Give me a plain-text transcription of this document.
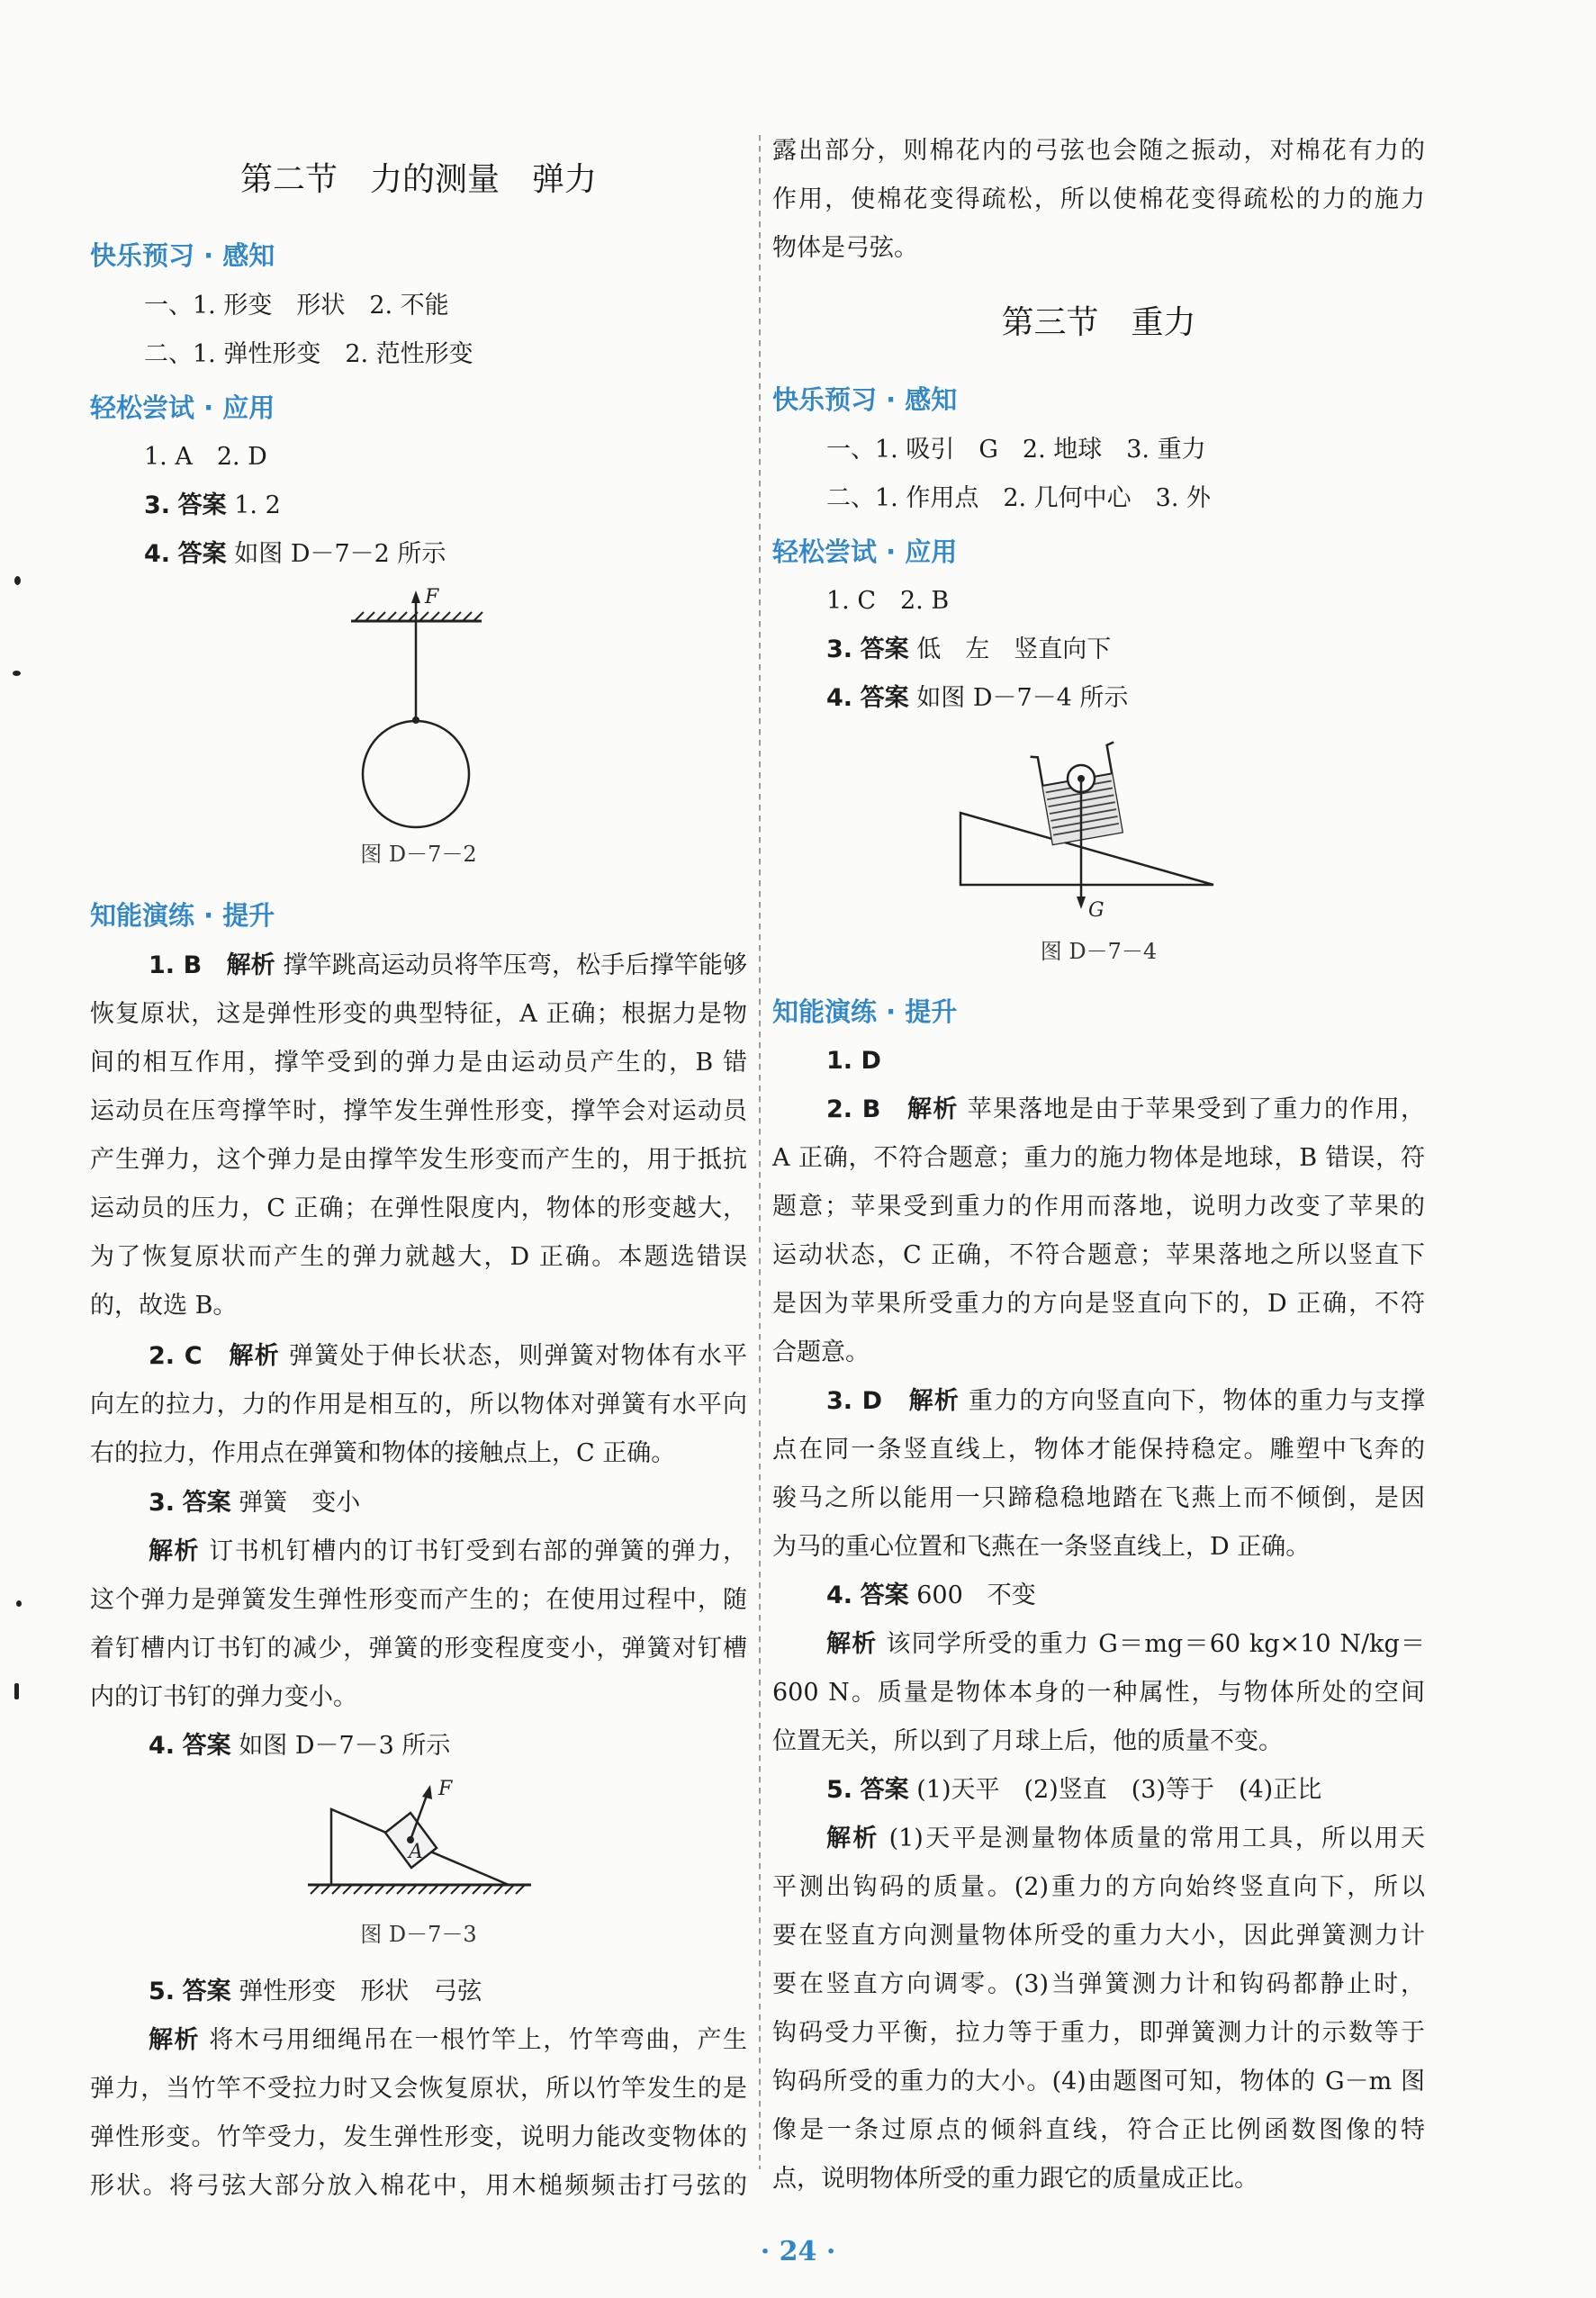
第二节　力的测量　弹力
快乐预习 · 感知
一、1. 形变　形状　2. 不能
二、1. 弹性形变　2. 范性形变
轻松尝试 · 应用
1. A　2. D
3. 答案 1. 2
4. 答案 如图 D－7－2 所示
F
图 D－7－2
知能演练 · 提升
1. B　 解析 撑竿跳高运动员将竿压弯，松手后撑竿能够
恢复原状，这是弹性形变的典型特征，A 正确；根据力是物
间的相互作用，撑竿受到的弹力是由运动员产生的，B 错
运动员在压弯撑竿时，撑竿发生弹性形变，撑竿会对运动员
产生弹力，这个弹力是由撑竿发生形变而产生的，用于抵抗
运动员的压力，C 正确；在弹性限度内，物体的形变越大，
为了恢复原状而产生的弹力就越大，D 正确。本题选错误
的，故选 B。
2. C　 解析 弹簧处于伸长状态，则弹簧对物体有水平
向左的拉力，力的作用是相互的，所以物体对弹簧有水平向
右的拉力，作用点在弹簧和物体的接触点上，C 正确。
3. 答案 弹簧　变小
解析 订书机钉槽内的订书钉受到右部的弹簧的弹力，
这个弹力是弹簧发生弹性形变而产生的；在使用过程中，随
着钉槽内订书钉的减少，弹簧的形变程度变小，弹簧对钉槽
内的订书钉的弹力变小。
4. 答案 如图 D－7－3 所示
F
A
图 D－7－3
5. 答案 弹性形变　形状　弓弦
解析 将木弓用细绳吊在一根竹竿上，竹竿弯曲，产生
弹力，当竹竿不受拉力时又会恢复原状，所以竹竿发生的是
弹性形变。竹竿受力，发生弹性形变，说明力能改变物体的
形状。将弓弦大部分放入棉花中，用木槌频频击打弓弦的
露出部分，则棉花内的弓弦也会随之振动，对棉花有力的
作用，使棉花变得疏松，所以使棉花变得疏松的力的施力
物体是弓弦。
第三节　重力
快乐预习 · 感知
一、1. 吸引　G　2. 地球　3. 重力
二、1. 作用点　2. 几何中心　3. 外
轻松尝试 · 应用
1. C　2. B
3. 答案 低　左　竖直向下
4. 答案 如图 D－7－4 所示
G
图 D－7－4
知能演练 · 提升
1. D
2. B　 解析 苹果落地是由于苹果受到了重力的作用，
A 正确，不符合题意；重力的施力物体是地球，B 错误，符
题意；苹果受到重力的作用而落地，说明力改变了苹果的
运动状态，C 正确，不符合题意；苹果落地之所以竖直下
是因为苹果所受重力的方向是竖直向下的，D 正确，不符
合题意。
3. D　 解析 重力的方向竖直向下，物体的重力与支撑
点在同一条竖直线上，物体才能保持稳定。雕塑中飞奔的
骏马之所以能用一只蹄稳稳地踏在飞燕上而不倾倒，是因
为马的重心位置和飞燕在一条竖直线上，D 正确。
4. 答案 600　不变
解析 该同学所受的重力 G＝mg＝60 kg×10 N/kg＝
600 N。质量是物体本身的一种属性，与物体所处的空间
位置无关，所以到了月球上后，他的质量不变。
5. 答案 (1)天平　(2)竖直　(3)等于　(4)正比
解析 (1)天平是测量物体质量的常用工具，所以用天
平测出钩码的质量。(2)重力的方向始终竖直向下，所以
要在竖直方向测量物体所受的重力大小，因此弹簧测力计
要在竖直方向调零。(3)当弹簧测力计和钩码都静止时，
钩码受力平衡，拉力等于重力，即弹簧测力计的示数等于
钩码所受的重力的大小。(4)由题图可知，物体的 G－m 图
像是一条过原点的倾斜直线，符合正比例函数图像的特
点，说明物体所受的重力跟它的质量成正比。
· 24 ·
